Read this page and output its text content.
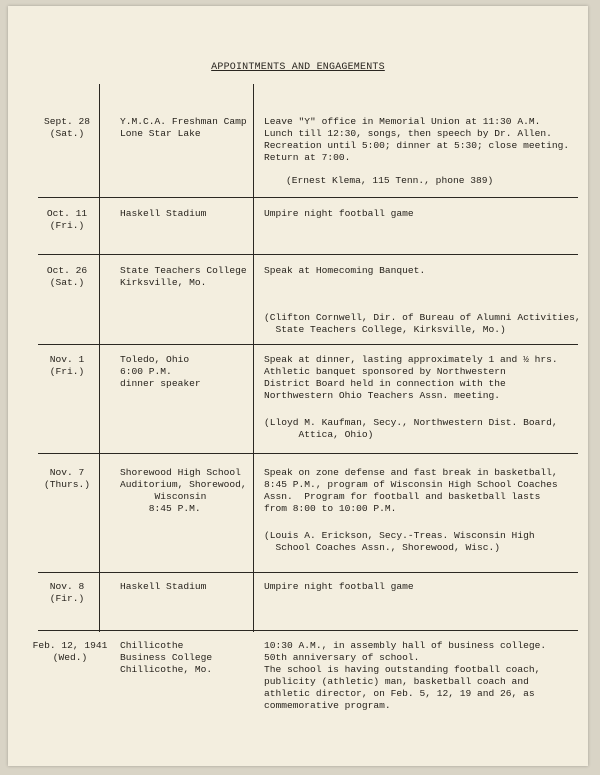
APPOINTMENTS AND ENGAGEMENTS
Sept. 28
(Sat.)
Y.M.C.A. Freshman Camp
Lone Star Lake
Leave "Y" office in Memorial Union at 11:30 A.M.
Lunch till 12:30, songs, then speech by Dr. Allen.
Recreation until 5:00; dinner at 5:30; close meeting.
Return at 7:00.
(Ernest Klema, 115 Tenn., phone 389)
Oct. 11
(Fri.)
Haskell Stadium	Umpire night football game
Oct. 26
(Sat.)
State Teachers College
Kirksville, Mo.
Speak at Homecoming Banquet.
(Clifton Cornwell, Dir. of Bureau of Alumni Activities,
State Teachers College, Kirksville, Mo.)
Nov. 1
(Fri.)
Toledo, Ohio
6:00 P.M.
dinner speaker
Speak at dinner, lasting approximately 1 and ½ hrs.
Athletic banquet sponsored by Northwestern
District Board held in connection with the
Northwestern Ohio Teachers Assn. meeting.
(Lloyd M. Kaufman, Secy., Northwestern Dist. Board,
Attica, Ohio)
Nov. 7
(Thurs.)
Shorewood High School
Auditorium, Shorewood,
Wisconsin
8:45 P.M.
Speak on zone defense and fast break in basketball,
8:45 P.M., program of Wisconsin High School Coaches
Assn.  Program for football and basketball lasts
from 8:00 to 10:00 P.M.
(Louis A. Erickson, Secy.-Treas. Wisconsin High
School Coaches Assn., Shorewood, Wisc.)
Nov. 8
(Fir.)
Haskell Stadium	Umpire night football game
Feb. 12, 1941
(Wed.)
Chillicothe
Business College
Chillicothe, Mo.
10:30 A.M., in assembly hall of business college.
50th anniversary of school.
The school is having outstanding football coach,
publicity (athletic) man, basketball coach and
athletic director, on Feb. 5, 12, 19 and 26, as
commemorative program.
